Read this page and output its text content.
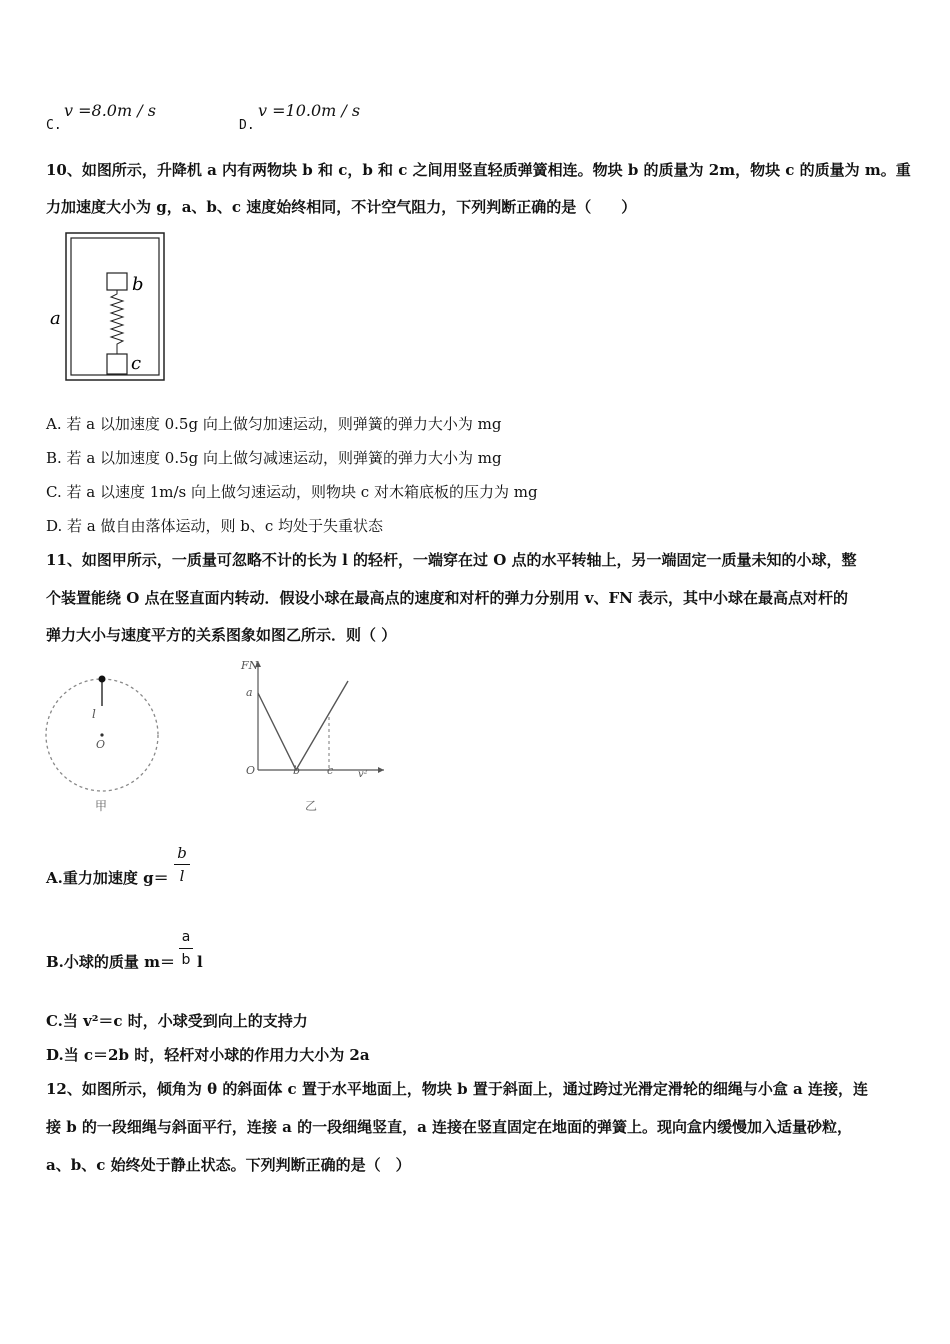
C.
v =8.0m / s
D.
v =10.0m / s
10、如图所示，升降机 a 内有两物块 b 和 c，b 和 c 之间用竖直轻质弹簧相连。物块 b 的质量为 2m，物块 c 的质量为 m。重
力加速度大小为 g，a、b、c 速度始终相同，不计空气阻力，下列判断正确的是（　　）
a
b
c
A. 若 a 以加速度 0.5g 向上做匀加速运动，则弹簧的弹力大小为 mg
B. 若 a 以加速度 0.5g 向上做匀减速运动，则弹簧的弹力大小为 mg
C. 若 a 以速度 1m/s 向上做匀速运动，则物块 c 对木箱底板的压力为 mg
D. 若 a 做自由落体运动，则 b、c 均处于失重状态
11、如图甲所示，一质量可忽略不计的长为 l 的轻杆，一端穿在过 O 点的水平转轴上，另一端固定一质量未知的小球，整
个装置能绕 O 点在竖直面内转动．假设小球在最高点的速度和对杆的弹力分别用 v、FN 表示，其中小球在最高点对杆的
弹力大小与速度平方的关系图象如图乙所示．则（ ）
l
O
甲
FN
v²
O
a
b c
乙
A.重力加速度 g＝
b
l
B.小球的质量 m＝
a
b l
C.当 v²＝c 时，小球受到向上的支持力
D.当 c＝2b 时，轻杆对小球的作用力大小为 2a
12、如图所示，倾角为 θ 的斜面体 c 置于水平地面上，物块 b 置于斜面上，通过跨过光滑定滑轮的细绳与小盒 a 连接，连
接 b 的一段细绳与斜面平行，连接 a 的一段细绳竖直，a 连接在竖直固定在地面的弹簧上。现向盒内缓慢加入适量砂粒，
a、b、c 始终处于静止状态。下列判断正确的是（　）
